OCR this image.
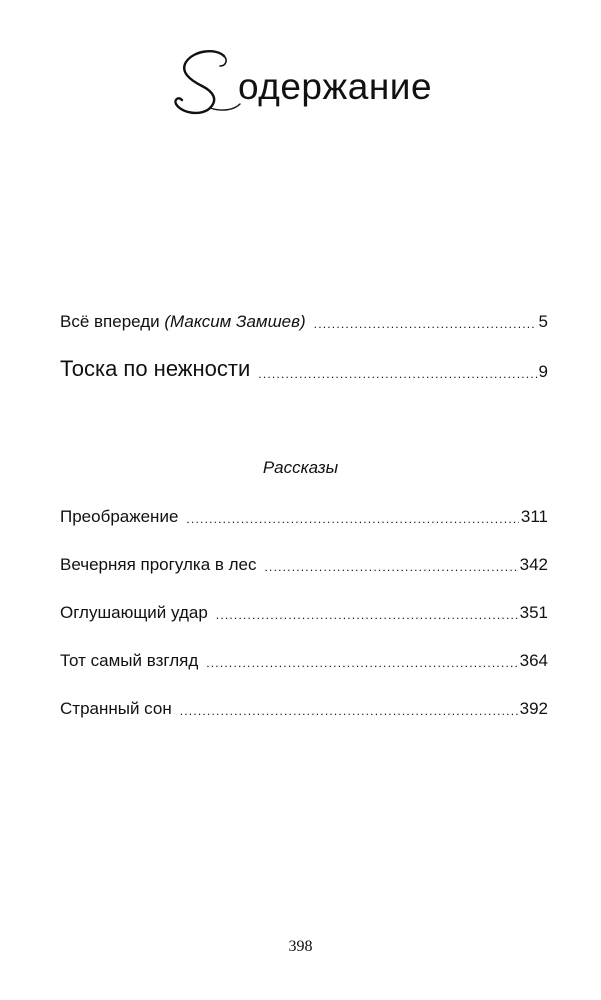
одержание
Всё впереди (Максим Замшев) .....	5
Тоска по нежности .....	9
Рассказы
Преображение .....	311
Вечерняя прогулка в лес .....	342
Оглушающий удар .....	351
Тот самый взгляд .....	364
Странный сон .....	392
398
